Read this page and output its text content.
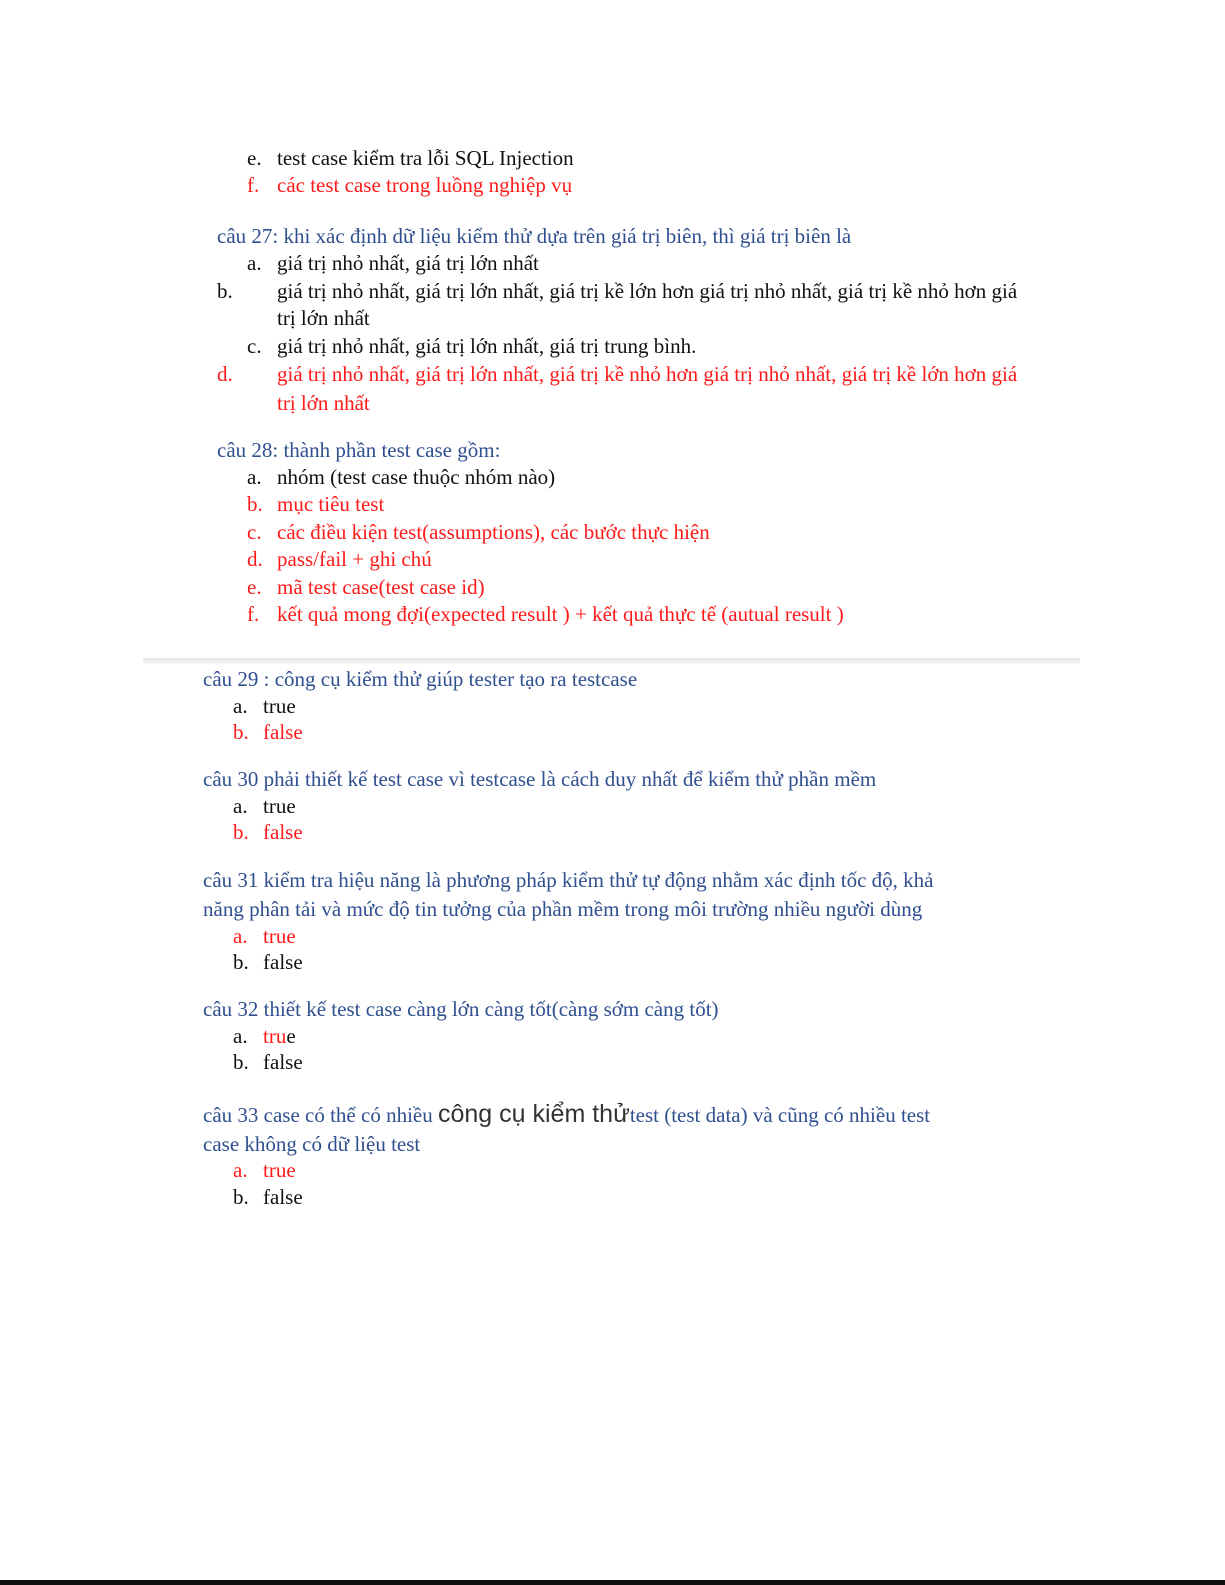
e. test case kiểm tra lỗi SQL Injection
f. các test case trong luồng nghiệp vụ
câu 27: khi xác định dữ liệu kiểm thử dựa trên giá trị biên, thì giá trị biên là
a. giá trị nhỏ nhất, giá trị lớn nhất
b. giá trị nhỏ nhất, giá trị lớn nhất, giá trị kề lớn hơn giá trị nhỏ nhất, giá trị kề nhỏ hơn giá trị lớn nhất
c. giá trị nhỏ nhất, giá trị lớn nhất, giá trị trung bình.
d. giá trị nhỏ nhất, giá trị lớn nhất, giá trị kề nhỏ hơn giá trị nhỏ nhất, giá trị kề lớn hơn giá trị lớn nhất
câu 28: thành phần test case gồm:
a. nhóm (test case thuộc nhóm nào)
b. mục tiêu test
c. các điều kiện test(assumptions), các bước thực hiện
d. pass/fail + ghi chú
e. mã test case(test case id)
f. kết quả mong đợi(expected result ) + kết quả thực tế (autual result )
câu 29 : công cụ kiểm thử giúp tester tạo ra testcase
a. true
b. false
câu 30 phải thiết kế test case vì testcase là cách duy nhất để kiểm thử phần mềm
a. true
b. false
câu 31 kiểm tra hiệu năng là phương pháp kiểm thử tự động nhằm xác định tốc độ, khả
năng phân tải và mức độ tin tưởng của phần mềm trong môi trường nhiều người dùng
a. true
b. false
câu 32 thiết kế test case càng lớn càng tốt(càng sớm càng tốt)
a. true
b. false
câu 33 case có thể có nhiều công cụ kiểm thửtest (test data) và cũng có nhiều test
case không có dữ liệu test
a. true
b. false
